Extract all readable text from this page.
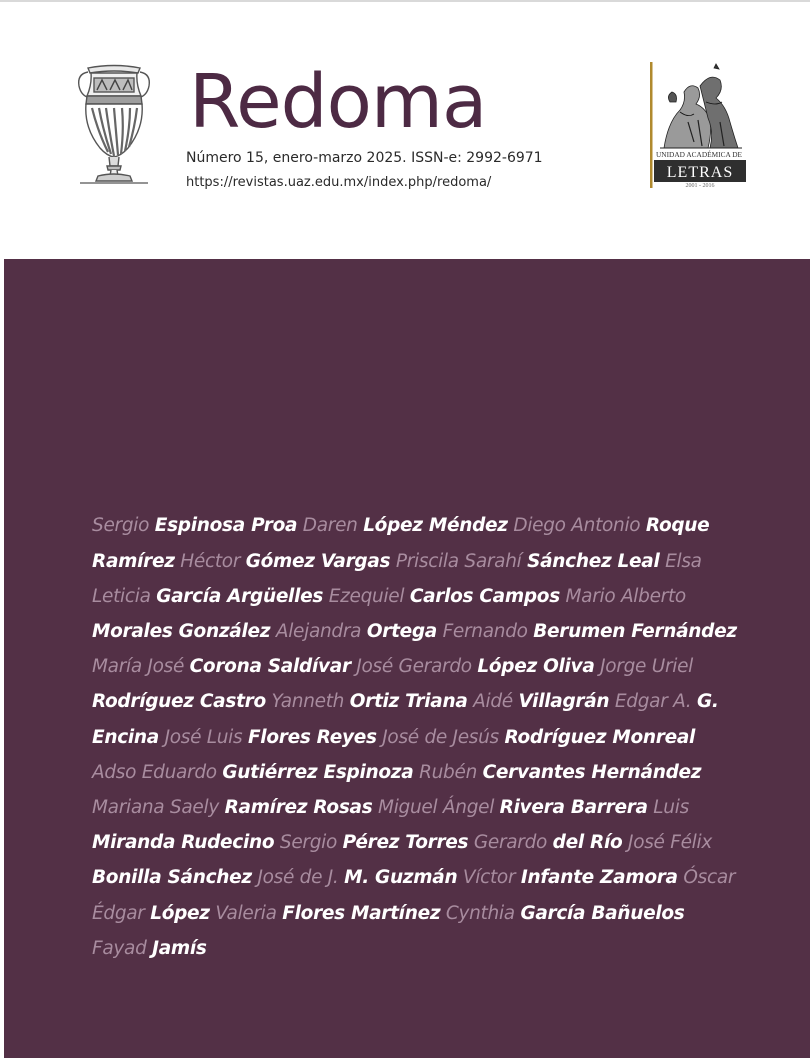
Redoma
Número 15, enero-marzo 2025. ISSN-e: 2992-6971
https://revistas.uaz.edu.mx/index.php/redoma/
UNIDAD ACADÉMICA DE
LETRAS
2001 - 2016

Sergio Espinosa Proa Daren López Méndez Diego Antonio Roque Ramírez Héctor Gómez Vargas Priscila Sarahí Sánchez Leal Elsa Leticia García Argüelles Ezequiel Carlos Campos Mario Alberto Morales González Alejandra Ortega Fernando Berumen Fernández María José Corona Saldívar José Gerardo López Oliva Jorge Uriel Rodríguez Castro Yanneth Ortiz Triana Aidé Villagrán Edgar A. G. Encina José Luis Flores Reyes José de Jesús Rodríguez Monreal Adso Eduardo Gutiérrez Espinoza Rubén Cervantes Hernández Mariana Saely Ramírez Rosas Miguel Ángel Rivera Barrera Luis Miranda Rudecino Sergio Pérez Torres Gerardo del Río José Félix Bonilla Sánchez José de J. M. Guzmán Víctor Infante Zamora Óscar Édgar López Valeria Flores Martínez Cynthia García Bañuelos Fayad Jamís
